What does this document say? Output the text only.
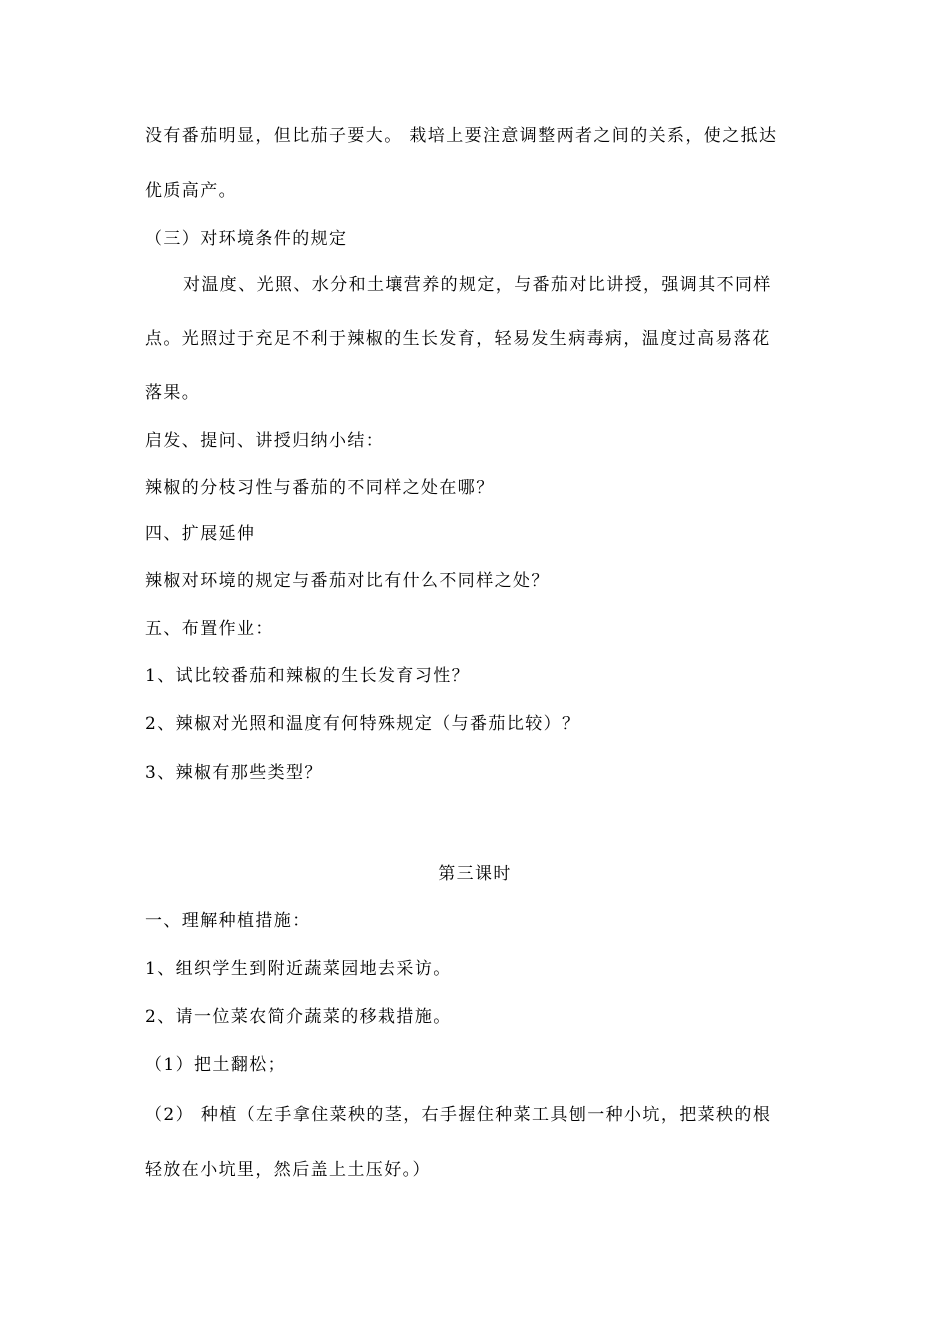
没有番茄明显，但比茄子要大。 栽培上要注意调整两者之间的关系，使之抵达
优质高产。
（三）对环境条件的规定
对温度、光照、水分和土壤营养的规定，与番茄对比讲授，强调其不同样
点。光照过于充足不利于辣椒的生长发育，轻易发生病毒病，温度过高易落花
落果。
启发、提问、讲授归纳小结：
辣椒的分枝习性与番茄的不同样之处在哪？
四、扩展延伸
辣椒对环境的规定与番茄对比有什么不同样之处？
五、布置作业：
1、试比较番茄和辣椒的生长发育习性？
2、辣椒对光照和温度有何特殊规定（与番茄比较）？
3、辣椒有那些类型？
第三课时
一、理解种植措施：
1、组织学生到附近蔬菜园地去采访。
2、请一位菜农简介蔬菜的移栽措施。
（1）把土翻松；
（2） 种植（左手拿住菜秧的茎，右手握住种菜工具刨一种小坑，把菜秧的根
轻放在小坑里，然后盖上土压好。）
